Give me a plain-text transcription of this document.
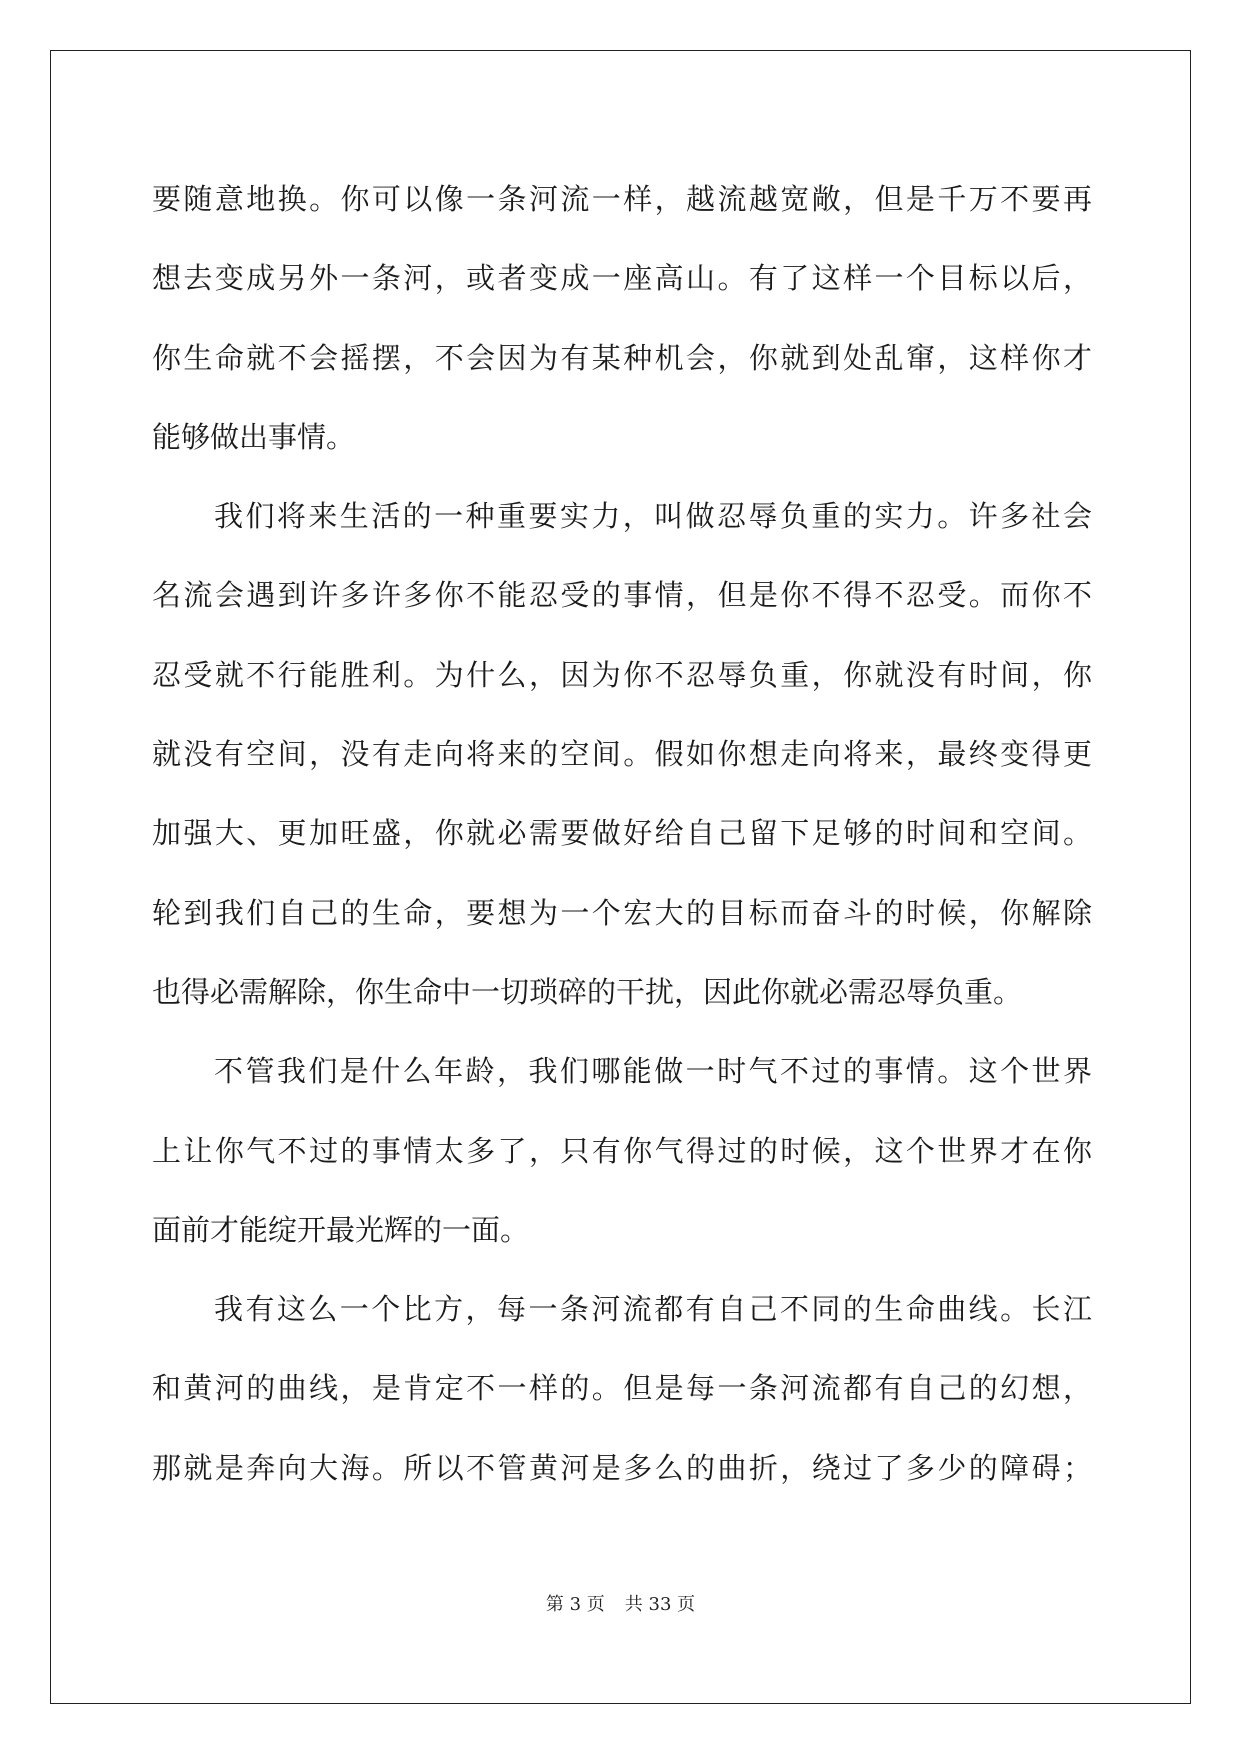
要随意地换。你可以像一条河流一样，越流越宽敞，但是千万不要再
想去变成另外一条河，或者变成一座高山。有了这样一个目标以后，
你生命就不会摇摆，不会因为有某种机会，你就到处乱窜，这样你才
能够做出事情。
我们将来生活的一种重要实力，叫做忍辱负重的实力。许多社会
名流会遇到许多许多你不能忍受的事情，但是你不得不忍受。而你不
忍受就不行能胜利。为什么，因为你不忍辱负重，你就没有时间，你
就没有空间，没有走向将来的空间。假如你想走向将来，最终变得更
加强大、更加旺盛，你就必需要做好给自己留下足够的时间和空间。
轮到我们自己的生命，要想为一个宏大的目标而奋斗的时候，你解除
也得必需解除，你生命中一切琐碎的干扰，因此你就必需忍辱负重。
不管我们是什么年龄，我们哪能做一时气不过的事情。这个世界
上让你气不过的事情太多了，只有你气得过的时候，这个世界才在你
面前才能绽开最光辉的一面。
我有这么一个比方，每一条河流都有自己不同的生命曲线。长江
和黄河的曲线，是肯定不一样的。但是每一条河流都有自己的幻想，
那就是奔向大海。所以不管黄河是多么的曲折，绕过了多少的障碍；
第 3 页 共 33 页
